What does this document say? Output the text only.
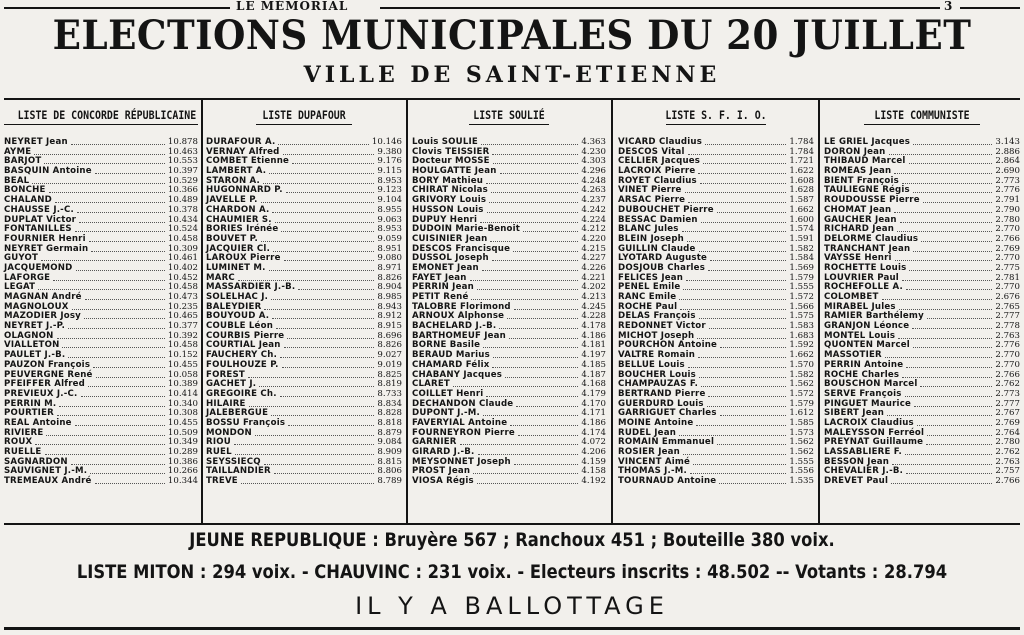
LE MÉMORIAL	3
ELECTIONS MUNICIPALES DU 20 JUILLET
VILLE DE SAINT-ETIENNE
LISTE DE CONCORDE RÉPUBLICAINE
NEYRET Jean	10.878
AYME	10.463
BARJOT	10.553
BASQUIN Antoine	10.397
BEAL	10.529
BONCHE	10.366
CHALAND	10.489
CHAUSSE J.-C.	10.378
DUPLAT Victor	10.434
FONTANILLES	10.524
FOURNIER Henri	10.458
NEYRET Germain	10.309
GUYOT	10.461
JACQUEMOND	10.402
LAFORGE	10.452
LEGAT	10.458
MAGNAN André	10.473
MAGNOLOUX	10.235
MAZODIER Josy	10.465
NEYRET J.-P.	10.377
OLAGNON	10.392
VIALLETON	10.458
PAULET J.-B.	10.152
PAUZON François	10.455
PEUVERGNE René	10.058
PFEIFFER Alfred	10.389
PREVIEUX J.-C.	10.414
PERRIN M.	10.340
POURTIER	10.308
REAL Antoine	10.455
RIVIERE	10.509
ROUX	10.349
RUELLE	10.289
SAGNARDON	10.386
SAUVIGNET J.-M.	10.266
TREMEAUX André	10.344
LISTE DUPAFOUR
DURAFOUR A.	10.146
VERNAY Alfred	9.380
COMBET Etienne	9.176
LAMBERT A.	9.115
STARON A.	8.953
HUGONNARD P.	9.123
JAVELLE P.	9.104
CHARDON A.	8.955
CHAUMIER S.	9.063
BORIES Irénée	8.953
BOUVET P.	9.059
JACQUIER Cl.	8.951
LAROUX Pierre	9.080
LUMINET M.	8.971
MARC	8.826
MASSARDIER J.-B.	8.904
SOLELHAC J.	8.985
BALEYDIER	8.943
BOUYOUD A.	8.912
COUBLE Léon	8.915
COURBIS Pierre	8.696
COURTIAL Jean	8.826
FAUCHERY Ch.	9.027
FOULHOUZE P.	9.019
FOREST	8.825
GACHET J.	8.819
GREGOIRE Ch.	8.733
HILAIRE	8.834
JALEBERGUE	8.828
BOSSU François	8.818
MONDON	8.879
RIOU	9.084
RUEL	8.909
SEYSSIECQ	8.815
TAILLANDIER	8.806
TREVE	8.789
LISTE SOULIÉ
Louis SOULIE	4.363
Clovis TEISSIER	4.230
Docteur MOSSE	4.303
HOULGATTE Jean	4.296
BORY Mathieu	4.248
CHIRAT Nicolas	4.263
GRIVORY Louis	4.237
HUSSON Louis	4.242
DUPUY Henri	4.224
DUDOIN Marie-Benoit	4.212
CUISINIER Jean	4.220
DESCOS Francisque	4.215
DUSSOL Joseph	4.227
EMONET Jean	4.226
FAYET Jean	4.221
PERRIN Jean	4.202
PETIT René	4.213
TALOBRE Florimond	4.245
ARNOUX Alphonse	4.228
BACHELARD J.-B.	4.178
BARTHOMEUF Jean	4.186
BORNE Basile	4.181
BERAUD Marius	4.197
CHAMARD Félix	4.185
CHABANY Jacques	4.187
CLARET	4.168
COILLET Henri	4.179
DECHANDON Claude	4.170
DUPONT J.-M.	4.171
FAVERYIAL Antoine	4.186
FOURNEYRON Pierre	4.174
GARNIER	4.072
GIRARD J.-B.	4.206
MEYSONNET Joseph	4.159
PROST Jean	4.158
VIOSA Régis	4.192
LISTE S. F. I. O.
VICARD Claudius	1.784
DESCOS Vital	1.784
CELLIER Jacques	1.721
LACROIX Pierre	1.622
ROYET Claudius	1.608
VINET Pierre	1.628
ARSAC Pierre	1.587
DUBOUCHET Pierre	1.662
BESSAC Damien	1.600
BLANC Jules	1.574
BLEIN Joseph	1.591
GUILLIN Claude	1.582
LYOTARD Auguste	1.584
DOSJOUB Charles	1.569
FELICES Jean	1.579
PENEL Emile	1.555
RANC Emile	1.572
ROCHE Paul	1.566
DELAS François	1.575
REDONNET Victor	1.583
MICHOT Joseph	1.683
POURCHON Antoine	1.592
VALTRE Romain	1.662
BELLUE Louis	1.570
BOUCHER Louis	1.582
CHAMPAUZAS F.	1.562
BERTRAND Pierre	1.572
GUERDURD Louis	1.579
GARRIGUET Charles	1.612
MOINE Antoine	1.585
RUDEL Jean	1.573
ROMAIN Emmanuel	1.562
ROSIER Jean	1.562
VINCENT Aimé	1.555
THOMAS J.-M.	1.556
TOURNAUD Antoine	1.535
LISTE COMMUNISTE
LE GRIEL Jacques	3.143
DORON Jean	2.886
THIBAUD Marcel	2.864
ROMEAS Jean	2.690
BIENT François	2.773
TAULIEGNE Régis	2.776
ROUDOUSSE Pierre	2.791
CHOMAT Jean	2.790
GAUCHER Jean	2.780
RICHARD Jean	2.770
DELORME Claudius	2.766
TRANCHANT Jean	2.769
VAYSSE Henri	2.770
ROCHETTE Louis	2.775
LOUVRIER Paul	2.781
ROCHEFOLLE A.	2.770
COLOMBET	2.676
MIRABEL Jules	2.765
RAMIER Barthélemy	2.777
GRANJON Léonce	2.778
MONTEL Louis	2.763
QUONTEN Marcel	2.776
MASSOTIER	2.770
PERRIN Antoine	2.770
ROCHE Charles	2.766
BOUSCHON Marcel	2.762
SERVE François	2.773
PINGUET Maurice	2.777
SIBERT Jean	2.767
LACROIX Claudius	2.769
MALEYSSON Ferréol	2.764
PREYNAT Guillaume	2.780
LASSABLIERE F.	2.762
BESSON Jean	2.763
CHEVALIER J.-B.	2.757
DREVET Paul	2.766
JEUNE REPUBLIQUE : Bruyère 567 ; Ranchoux 451 ; Bouteille 380 voix.
LISTE MITON : 294 voix. - CHAUVINC : 231 voix. - Electeurs inscrits : 48.502 -- Votants : 28.794
IL Y A BALLOTTAGE
